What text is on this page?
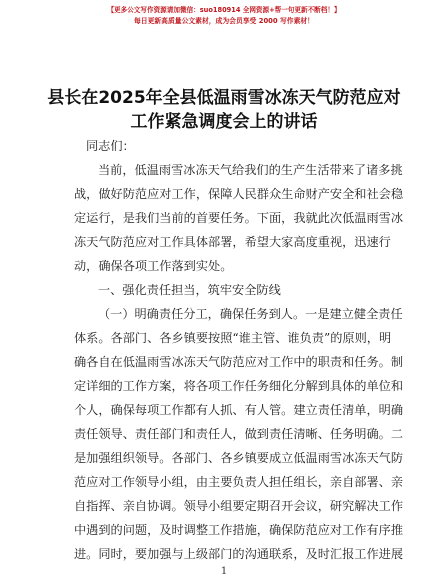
【更多公文写作资源请加微信：suo180914 全网资源+帮一句更新不断档！】
每日更新高质量公文素材，成为会员享受 2000 写作素材！
县长在2025年全县低温雨雪冰冻天气防范应对
工作紧急调度会上的讲话
同志们：
当前，低温雨雪冰冻天气给我们的生产生活带来了诸多挑
战，做好防范应对工作，保障人民群众生命财产安全和社会稳
定运行，是我们当前的首要任务。下面，我就此次低温雨雪冰
冻天气防范应对工作具体部署，希望大家高度重视，迅速行
动，确保各项工作落到实处。
一、强化责任担当，筑牢安全防线
（一）明确责任分工，确保任务到人。一是建立健全责任
体系。各部门、各乡镇要按照“谁主管、谁负责”的原则，明
确各自在低温雨雪冰冻天气防范应对工作中的职责和任务。制
定详细的工作方案，将各项工作任务细化分解到具体的单位和
个人，确保每项工作都有人抓、有人管。建立责任清单，明确
责任领导、责任部门和责任人，做到责任清晰、任务明确。二
是加强组织领导。各部门、各乡镇要成立低温雨雪冰冻天气防
范应对工作领导小组，由主要负责人担任组长，亲自部署、亲
自指挥、亲自协调。领导小组要定期召开会议，研究解决工作
中遇到的问题，及时调整工作措施，确保防范应对工作有序推
进。同时，要加强与上级部门的沟通联系，及时汇报工作进展
1
